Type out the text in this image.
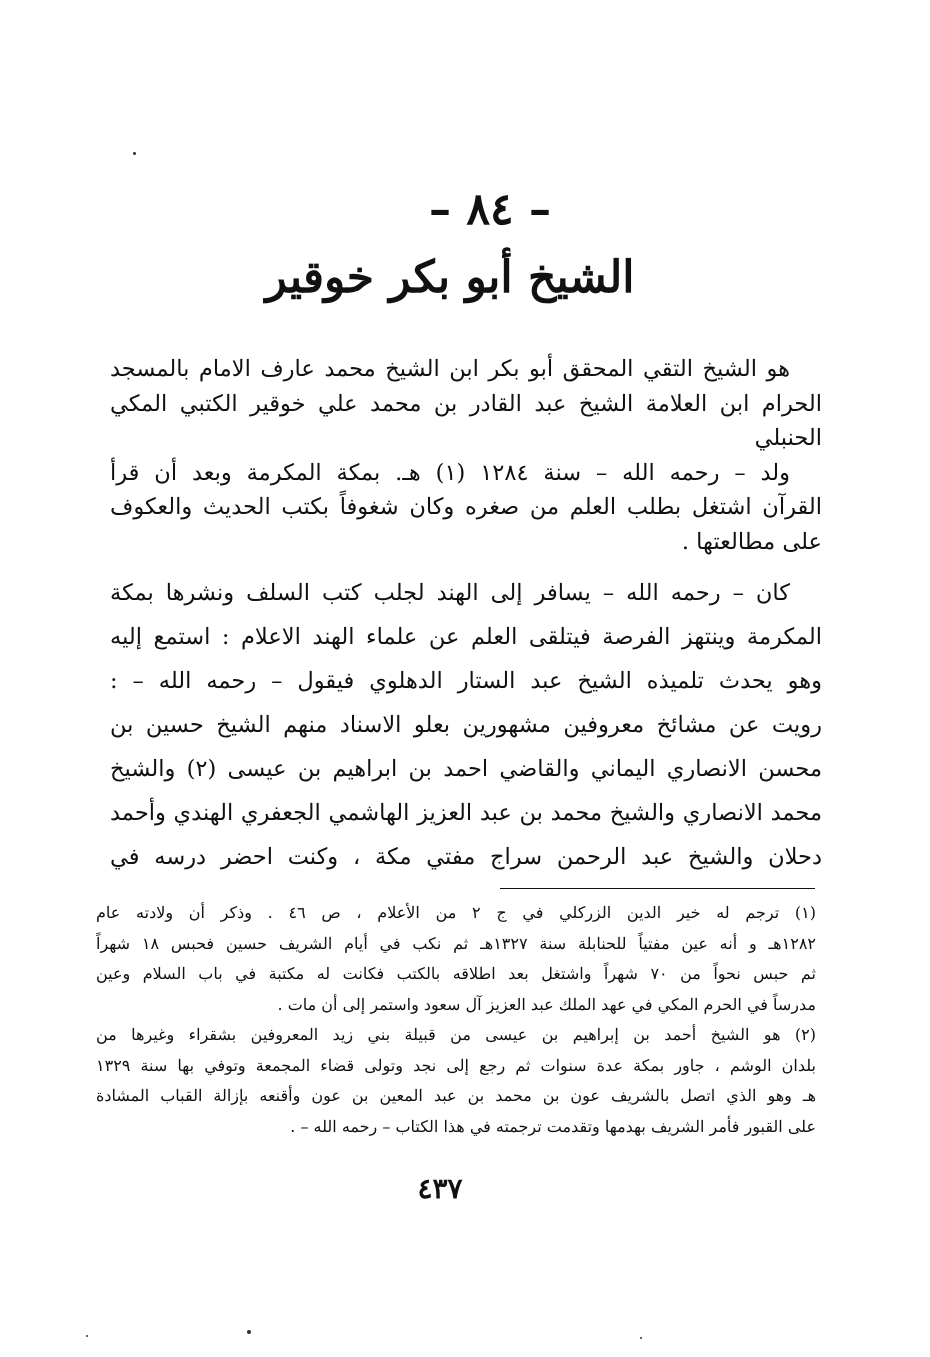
– ٨٤ –
الشيخ أبو بكر خوقير

هو الشيخ التقي المحقق أبو بكر ابن الشيخ محمد عارف الامام بالمسجد
الحرام ابن العلامة الشيخ عبد القادر بن محمد علي خوقير الكتبي المكي الحنبلي
ولد – رحمه الله – سنة ١٢٨٤ (١) هـ. بمكة المكرمة وبعد أن قرأ
القرآن اشتغل بطلب العلم من صغره وكان شغوفاً بكتب الحديث والعكوف
على مطالعتها .

كان – رحمه الله – يسافر إلى الهند لجلب كتب السلف ونشرها بمكة
المكرمة وينتهز الفرصة فيتلقى العلم عن علماء الهند الاعلام : استمع إليه
وهو يحدث تلميذه الشيخ عبد الستار الدهلوي فيقول – رحمه الله – :
رويت عن مشائخ معروفين مشهورين بعلو الاسناد منهم الشيخ حسين بن
محسن الانصاري اليماني والقاضي احمد بن ابراهيم بن عيسى (٢) والشيخ
محمد الانصاري والشيخ محمد بن عبد العزيز الهاشمي الجعفري الهندي وأحمد
دحلان والشيخ عبد الرحمن سراج مفتي مكة ، وكنت احضر درسه في

(١) ترجم له خير الدين الزركلي في ج ٢ من الأعلام ، ص ٤٦ . وذكر أن ولادته عام
١٢٨٢هـ و أنه عين مفتياً للحنابلة سنة ١٣٢٧هـ ثم نكب في أيام الشريف حسين فحبس ١٨ شهراً
ثم حبس نحواً من ٧٠ شهراً واشتغل بعد اطلاقه بالكتب فكانت له مكتبة في باب السلام وعين
مدرساً في الحرم المكي في عهد الملك عبد العزيز آل سعود واستمر إلى أن مات .
(٢) هو الشيخ أحمد بن إبراهيم بن عيسى من قبيلة بني زيد المعروفين بشقراء وغيرها من
بلدان الوشم ، جاور بمكة عدة سنوات ثم رجع إلى نجد وتولى قضاء المجمعة وتوفي بها سنة ١٣٢٩
هـ وهو الذي اتصل بالشريف عون بن محمد بن عبد المعين بن عون وأقنعه بإزالة القباب المشادة
على القبور فأمر الشريف بهدمها وتقدمت ترجمته في هذا الكتاب – رحمه الله – .
٤٣٧
